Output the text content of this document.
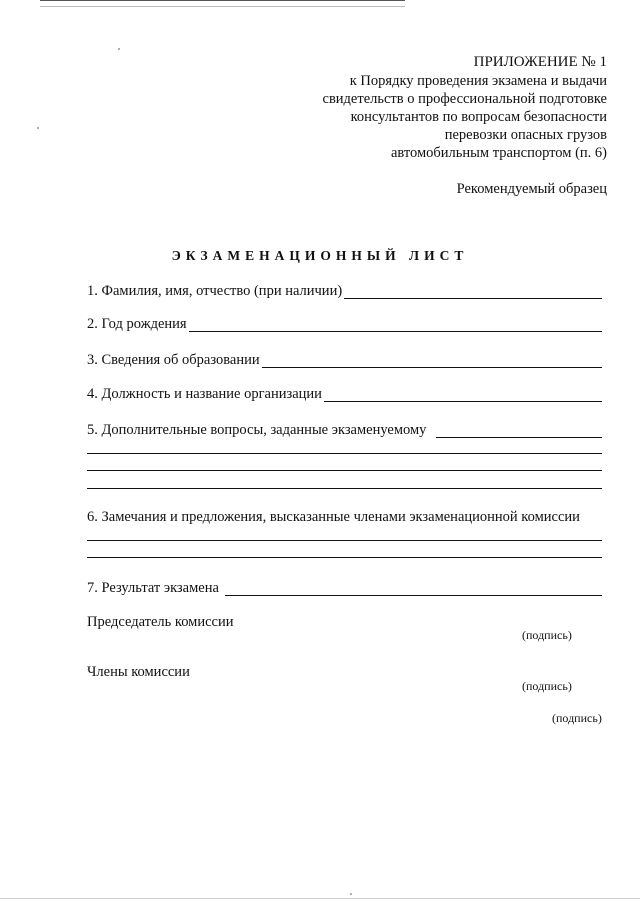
ПРИЛОЖЕНИЕ № 1
к Порядку проведения экзамена и выдачи
свидетельств о профессиональной подготовке
консультантов по вопросам безопасности
перевозки опасных грузов
автомобильным транспортом (п. 6)
Рекомендуемый образец
ЭКЗАМЕНАЦИОННЫЙ ЛИСТ
1. Фамилия, имя, отчество (при наличии)
2. Год рождения
3. Сведения об образовании
4. Должность и название организации
5. Дополнительные вопросы, заданные экзаменуемому
6. Замечания и предложения, высказанные членами экзаменационной комиссии
7. Результат экзамена
Председатель комиссии
(подпись)
Члены комиссии
(подпись)
(подпись)
